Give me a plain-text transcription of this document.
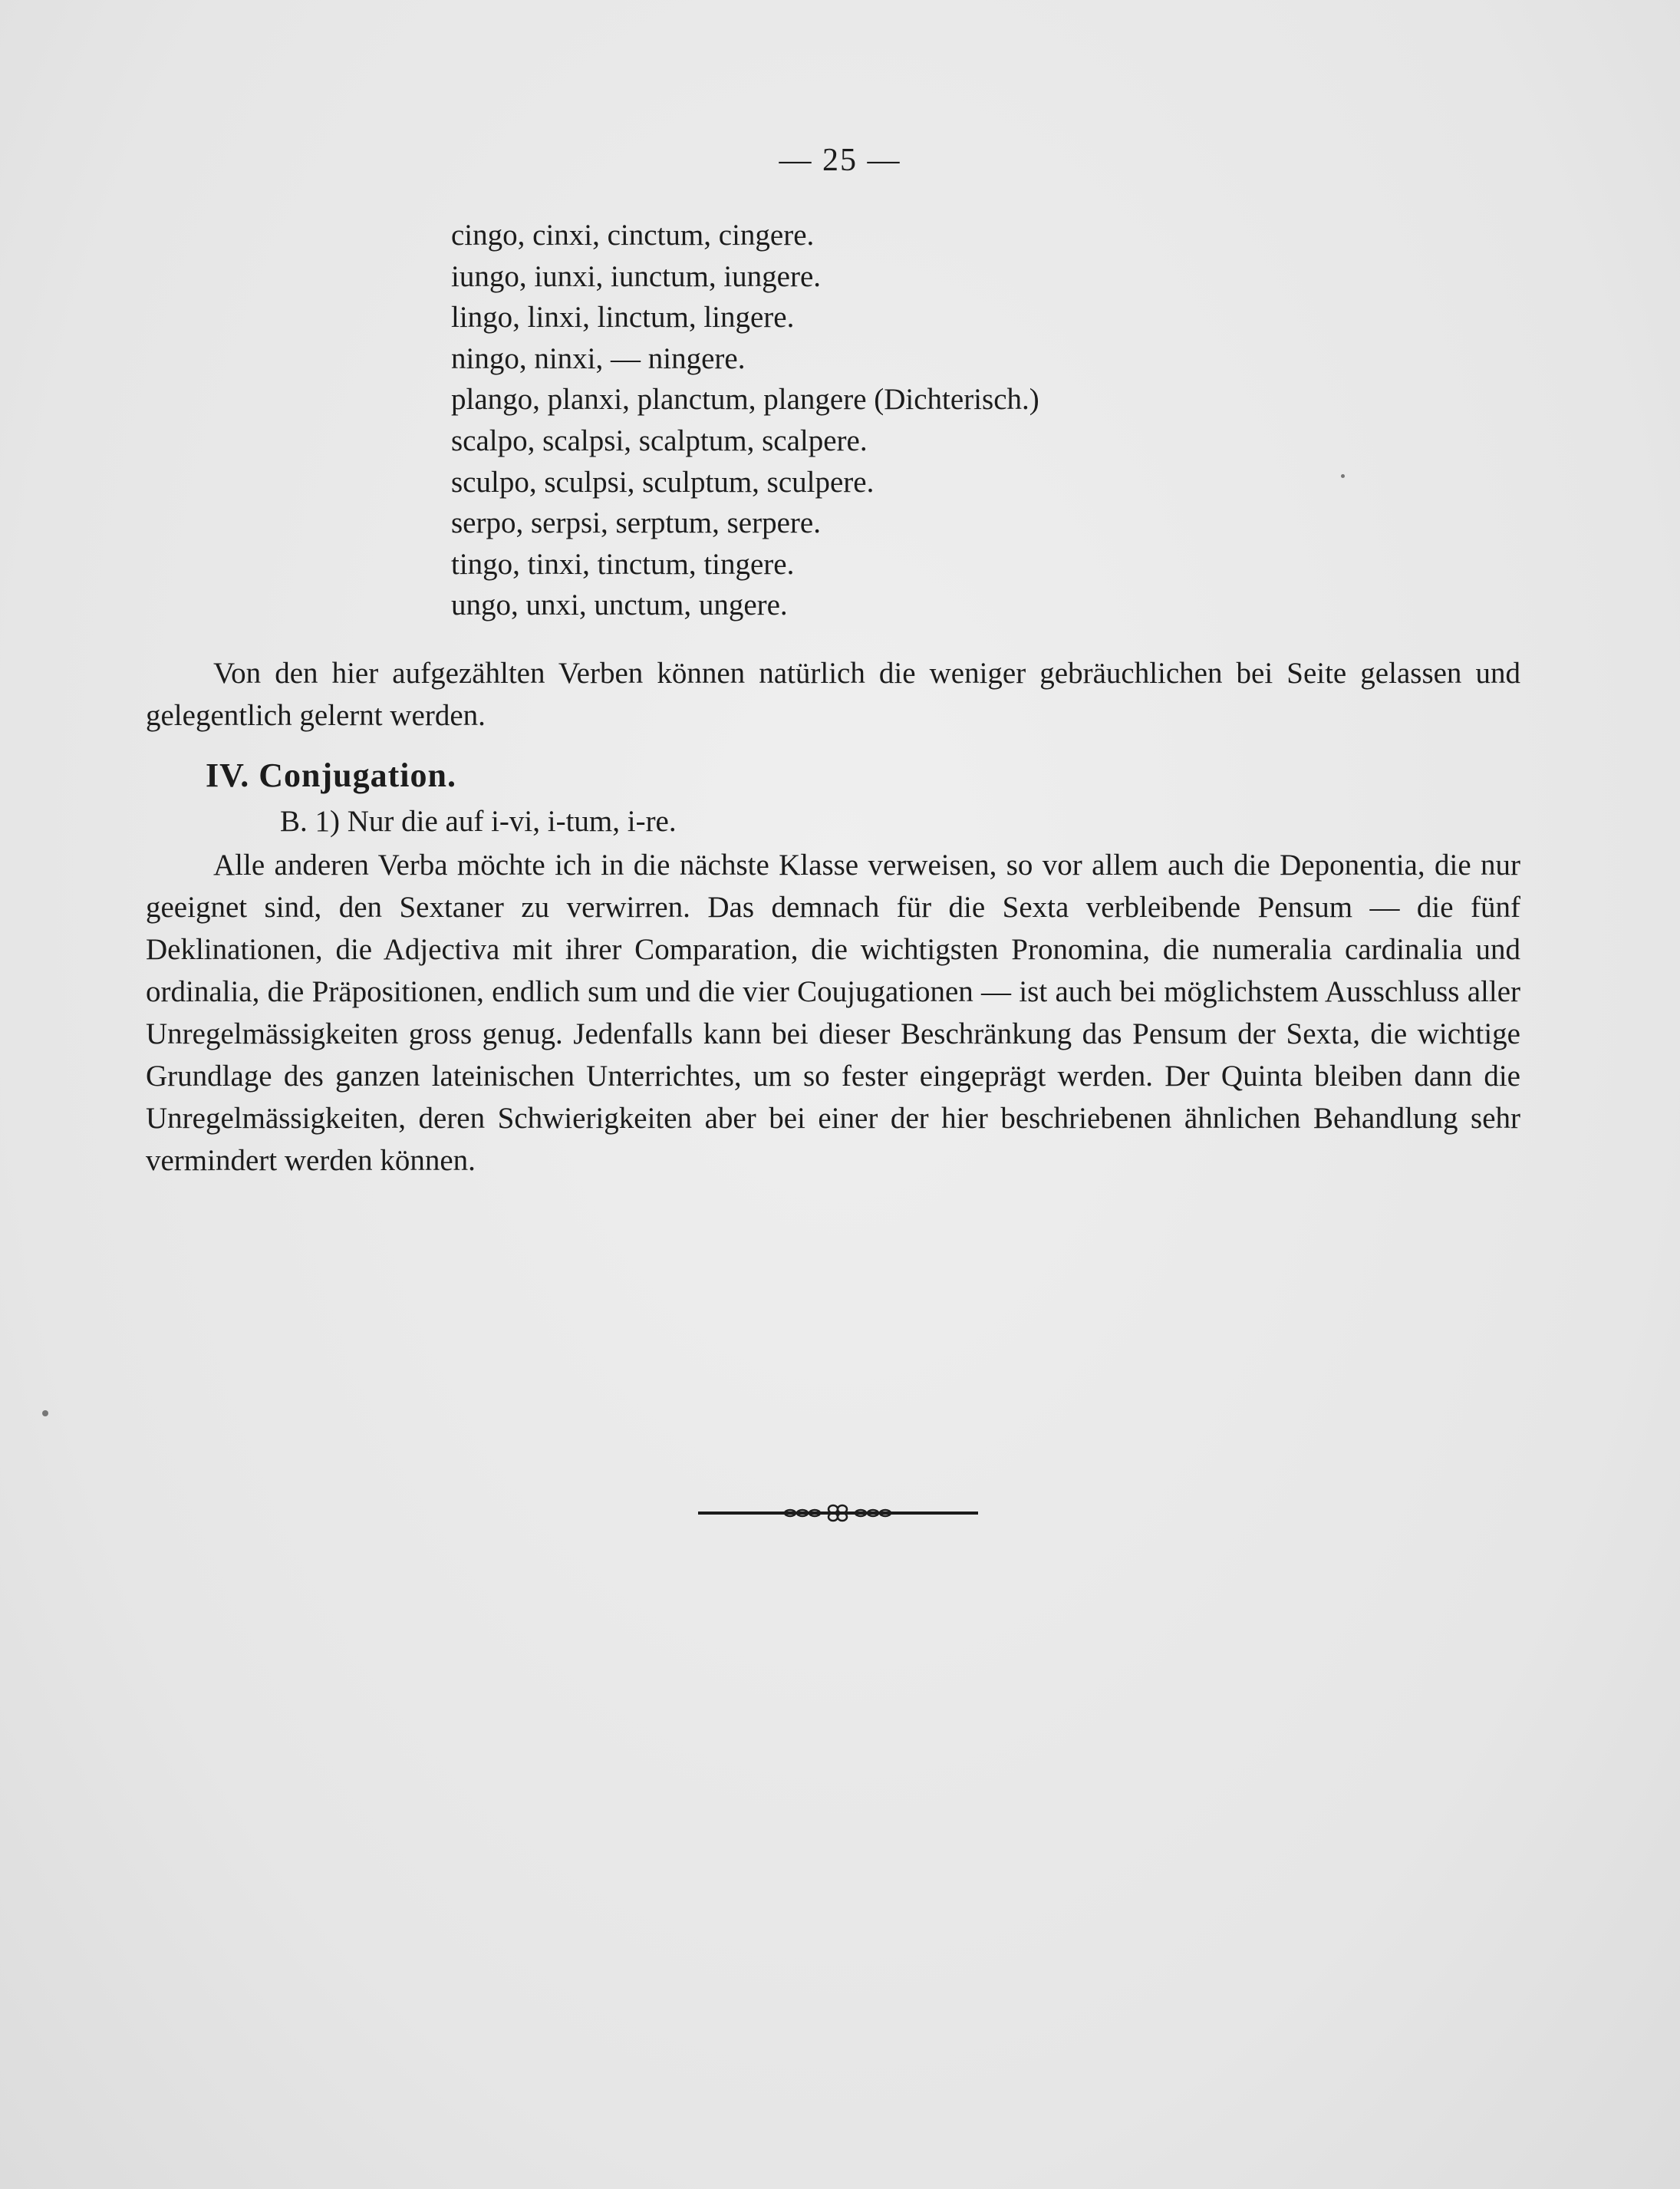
— 25 —
cingo, cinxi, cinctum, cingere.
iungo, iunxi, iunctum, iungere.
lingo, linxi, linctum, lingere.
ningo, ninxi, — ningere.
plango, planxi, planctum, plangere (Dichterisch.)
scalpo, scalpsi, scalptum, scalpere.
sculpo, sculpsi, sculptum, sculpere.
serpo, serpsi, serptum, serpere.
tingo, tinxi, tinctum, tingere.
ungo, unxi, unctum, ungere.

Von den hier aufgezählten Verben können natürlich die weniger gebräuchlichen bei Seite gelassen und gelegentlich gelernt werden.

IV. Conjugation.

B. 1) Nur die auf i-vi, i-tum, i-re.

Alle anderen Verba möchte ich in die nächste Klasse verweisen, so vor allem auch die Deponentia, die nur geeignet sind, den Sextaner zu verwirren. Das demnach für die Sexta verbleibende Pensum — die fünf Deklinationen, die Adjectiva mit ihrer Comparation, die wichtigsten Pronomina, die numeralia cardinalia und ordinalia, die Präpositionen, endlich sum und die vier Coujugationen — ist auch bei möglichstem Ausschluss aller Unregelmässigkeiten gross genug. Jedenfalls kann bei dieser Beschränkung das Pensum der Sexta, die wichtige Grundlage des ganzen lateinischen Unterrichtes, um so fester eingeprägt werden. Der Quinta bleiben dann die Unregelmässigkeiten, deren Schwierigkeiten aber bei einer der hier beschriebenen ähnlichen Behandlung sehr vermindert werden können.
